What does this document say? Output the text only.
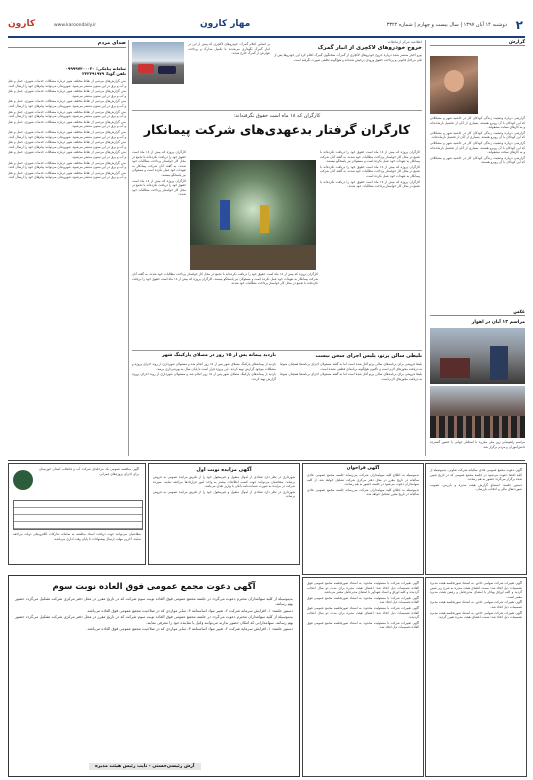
۲
دوشنبه ۱۴ آبان ۱۳۹۷ | سال بیست و چهارم | شماره ۳۳۲۲
مهار کارون
www.karoondaily.ir
کارون
صدای مردم
سامانه پیامکی: ۰۹۹۹۹۷۴۰۰۰۳۰
تلفن گویا: ۳۳۳۳۹۱۹۷۹

متن گزارش‌های مردمی از نقاط مختلف شهر درباره مشکلات خدمات شهری، حمل و نقل و آب و برق در این ستون منتشر می‌شود. شهروندان می‌توانند پیام‌های خود را ارسال کنند.

متن گزارش‌های مردمی از نقاط مختلف شهر درباره مشکلات خدمات شهری، حمل و نقل و آب و برق در این ستون منتشر می‌شود.

متن گزارش‌های مردمی از نقاط مختلف شهر درباره مشکلات خدمات شهری، حمل و نقل و آب و برق در این ستون منتشر می‌شود. شهروندان می‌توانند پیام‌های خود را ارسال کنند.

متن گزارش‌های مردمی از نقاط مختلف شهر درباره مشکلات خدمات شهری، حمل و نقل و آب و برق در این ستون منتشر می‌شود. شهروندان می‌توانند پیام‌های خود را ارسال کنند.

متن گزارش‌های مردمی از نقاط مختلف شهر درباره مشکلات خدمات شهری، حمل و نقل و آب و برق در این ستون منتشر می‌شود.

متن گزارش‌های مردمی از نقاط مختلف شهر درباره مشکلات خدمات شهری، حمل و نقل و آب و برق در این ستون منتشر می‌شود. شهروندان می‌توانند پیام‌های خود را ارسال کنند.

متن گزارش‌های مردمی از نقاط مختلف شهر درباره مشکلات خدمات شهری، حمل و نقل و آب و برق در این ستون منتشر می‌شود. شهروندان می‌توانند پیام‌های خود را ارسال کنند.

متن گزارش‌های مردمی از نقاط مختلف شهر درباره مشکلات خدمات شهری، حمل و نقل و آب و برق در این ستون منتشر می‌شود.

متن گزارش‌های مردمی از نقاط مختلف شهر درباره مشکلات خدمات شهری، حمل و نقل و آب و برق در این ستون منتشر می‌شود. شهروندان می‌توانند پیام‌های خود را ارسال کنند.

متن گزارش‌های مردمی از نقاط مختلف شهر درباره مشکلات خدمات شهری، حمل و نقل و آب و برق در این ستون منتشر می‌شود. شهروندان می‌توانند پیام‌های خود را ارسال کنند.

بر اساس اعلام گمرک، خودروهای لاکچری که پیش از این در انبار گمرک نگهداری می‌شدند با تکمیل مدارک و پرداخت عوارض از گمرک خارج شدند.

اطلاعیه مرکز ارتباطات
خروج خودروهای لاکچری از انبار گمرک

پیرو اخبار منتشر شده درباره خروج خودروهای لاکچری از گمرک، سخنگوی گمرک اعلام کرد این خودروها پس از طی مراحل قانونی و پرداخت حقوق ورودی ترخیص شده‌اند و هیچ‌گونه تخلفی صورت نگرفته است.

کارگران که ۱۸ ماه است حقوق نگرفته‌اند:
کارگران گرفتار بدعهدی‌های شرکت پیمانکار

کارگران پروژه که بیش از ۱۸ ماه است حقوق خود را دریافت نکرده‌اند با تجمع در محل کار خواستار پرداخت مطالبات خود شدند. به گفته آنان شرکت پیمانکار به تعهدات خود عمل نکرده است و مسئولان نیز پاسخگو نیستند.

کارگران پروژه که بیش از ۱۸ ماه است حقوق خود را دریافت نکرده‌اند با تجمع در محل کار خواستار پرداخت مطالبات خود شدند.

کارگران پروژه که بیش از ۱۸ ماه است حقوق خود را دریافت نکرده‌اند با تجمع در محل کار خواستار پرداخت مطالبات خود شدند. به گفته آنان شرکت پیمانکار به تعهدات خود عمل نکرده است و مسئولان نیز پاسخگو نیستند.

کارگران پروژه که بیش از ۱۸ ماه است حقوق خود را دریافت نکرده‌اند با تجمع در محل کار خواستار پرداخت مطالبات خود شدند. به گفته آنان شرکت پیمانکار به تعهدات خود عمل نکرده است.

کارگران پروژه که بیش از ۱۸ ماه است حقوق خود را دریافت نکرده‌اند با تجمع در محل کار خواستار پرداخت مطالبات خود شدند.

کارگران پروژه که بیش از ۱۸ ماه است حقوق خود را دریافت نکرده‌اند با تجمع در محل کار خواستار پرداخت مطالبات خود شدند. به گفته آنان شرکت پیمانکار به تعهدات خود عمل نکرده است و مسئولان نیز پاسخگو نیستند. کارگران پروژه که بیش از ۱۸ ماه است حقوق خود را دریافت نکرده‌اند با تجمع در محل کار خواستار پرداخت مطالبات خود شدند.

بلیطی سالن پرتو، پلیس اجرای سخن نیست

بلیط فروشی برای برنامه‌های سالن پرتو آغاز شده است اما به گفته مسئولان اجرای برنامه‌ها همچنان منوط به دریافت مجوزهای لازم است و تاکنون هیچ‌گونه برنامه‌ای قطعی نشده است.

بلیط فروشی برای برنامه‌های سالن پرتو آغاز شده است اما به گفته مسئولان اجرای برنامه‌ها همچنان منوط به دریافت مجوزهای لازم است.

بازدید پیمانه پس از ۱۵ روز در مصلای پارکینگ شهر

بازدید از پیمانه‌های پارکینگ مصلای شهر پس از ۱۵ روز انجام شد و مسئولان شهرداری از روند اجرای پروژه و مشکلات موجود گزارش تهیه کردند. این پروژه قرار است تا پایان سال به بهره‌برداری برسد.

بازدید از پیمانه‌های پارکینگ مصلای شهر پس از ۱۵ روز انجام شد و مسئولان شهرداری از روند اجرای پروژه گزارش تهیه کردند.

گزارش

گزارشی درباره وضعیت زندگی کودکان کار در حاشیه شهر و مشکلاتی که این کودکان با آن روبرو هستند. بسیاری از آنان از تحصیل بازمانده‌اند و به کارهای سخت مشغولند.

گزارشی درباره وضعیت زندگی کودکان کار در حاشیه شهر و مشکلاتی که این کودکان با آن روبرو هستند. بسیاری از آنان از تحصیل بازمانده‌اند.

گزارشی درباره وضعیت زندگی کودکان کار در حاشیه شهر و مشکلاتی که این کودکان با آن روبرو هستند. بسیاری از آنان از تحصیل بازمانده‌اند و به کارهای سخت مشغولند.

گزارشی درباره وضعیت زندگی کودکان کار در حاشیه شهر و مشکلاتی که این کودکان با آن روبرو هستند.

عکس
مراسم ۱۳ آبان در اهواز

مراسم راهپیمایی روز ملی مبارزه با استکبار جهانی با حضور گسترده دانش‌آموزان و مردم برگزار شد.

آگهی مناقصه عمومی یک مرحله‌ای شرکت آب و فاضلاب استان خوزستان برای اجرای پروژه‌های عمرانی.

متقاضیان می‌توانند جهت دریافت اسناد مناقصه به سامانه تدارکات الکترونیکی دولت مراجعه نمایند. آخرین مهلت ارسال پیشنهادات تا پایان وقت اداری می‌باشد.

آگهی مزایده نوبت اول

شهرداری در نظر دارد تعدادی از اموال منقول و غیرمنقول خود را از طریق مزایده عمومی به فروش برساند. متقاضیان می‌توانند جهت کسب اطلاعات بیشتر به واحد امور قراردادها مراجعه نمایند. سپرده شرکت در مزایده به صورت ضمانت‌نامه بانکی یا واریز نقدی می‌باشد.

شهرداری در نظر دارد تعدادی از اموال منقول و غیرمنقول خود را از طریق مزایده عمومی به فروش برساند.

آگهی فراخوان

بدینوسیله به اطلاع کلیه سهامداران شرکت می‌رساند جلسه مجمع عمومی عادی سالیانه در تاریخ مقرر در محل دفتر مرکزی شرکت تشکیل خواهد شد. از کلیه سهامداران دعوت می‌شود در جلسه حضور به هم رسانند.

بدینوسیله به اطلاع کلیه سهامداران شرکت می‌رساند جلسه مجمع عمومی عادی سالیانه در تاریخ مقرر تشکیل خواهد شد.

آگهی دعوت مجمع عمومی عادی سالیانه شرکت تعاونی. بدینوسیله از کلیه اعضا دعوت می‌شود در جلسه مجمع عمومی که در تاریخ تعیین شده برگزار می‌گردد حضور به هم رسانند.

دستور جلسه: استماع گزارش هیئت مدیره و بازرس، تصویب صورت‌های مالی و انتخاب بازرسان.

آگهی دعوت مجمع عمومی فوق العاده نوبت سوم

بدینوسیله از کلیه سهامداران محترم دعوت می‌گردد در جلسه مجمع عمومی فوق العاده نوبت سوم شرکت که در تاریخ مقرر در محل دفتر مرکزی شرکت تشکیل می‌گردد حضور بهم رسانند.

دستور جلسه: ۱- افزایش سرمایه شرکت ۲- تغییر مواد اساسنامه ۳- سایر مواردی که در صلاحیت مجمع عمومی فوق العاده می‌باشد.

بدینوسیله از کلیه سهامداران محترم دعوت می‌گردد در جلسه مجمع عمومی فوق العاده نوبت سوم شرکت که در تاریخ مقرر در محل دفتر مرکزی شرکت تشکیل می‌گردد حضور بهم رسانند. سهامدارانی که امکان حضور ندارند می‌توانند وکیل یا نماینده خود را معرفی نمایند.

دستور جلسه: ۱- افزایش سرمایه شرکت ۲- تغییر مواد اساسنامه ۳- سایر مواردی که در صلاحیت مجمع عمومی فوق العاده می‌باشد.

آرش رئیسی‌حسنی - نایب رئیس هیئت مدیره

آگهی تغییرات شرکت با مسئولیت محدود. به استناد صورتجلسه مجمع عمومی فوق العاده تصمیمات ذیل اتخاذ شد: اعضای هیئت مدیره برای مدت دو سال انتخاب گردیدند و کلیه اوراق و اسناد تعهدآور با امضای مدیرعامل معتبر می‌باشد.

آگهی تغییرات شرکت با مسئولیت محدود. به استناد صورتجلسه مجمع عمومی فوق العاده تصمیمات ذیل اتخاذ شد.

آگهی تغییرات شرکت با مسئولیت محدود. به استناد صورتجلسه مجمع عمومی فوق العاده تصمیمات ذیل اتخاذ شد: اعضای هیئت مدیره برای مدت دو سال انتخاب گردیدند.

آگهی تغییرات شرکت با مسئولیت محدود. به استناد صورتجلسه مجمع عمومی فوق العاده تصمیمات ذیل اتخاذ شد.

آگهی تغییرات شرکت سهامی خاص. به استناد صورتجلسه هیئت مدیره تصمیمات ذیل اتخاذ شد: سمت اعضای هیئت مدیره به شرح زیر تعیین گردید و کلیه اوراق بهادار با امضای مدیرعامل و رئیس هیئت مدیره معتبر است.

آگهی تغییرات شرکت سهامی خاص. به استناد صورتجلسه هیئت مدیره تصمیمات ذیل اتخاذ شد.

آگهی تغییرات شرکت سهامی خاص. به استناد صورتجلسه هیئت مدیره تصمیمات ذیل اتخاذ شد: سمت اعضای هیئت مدیره تعیین گردید.
